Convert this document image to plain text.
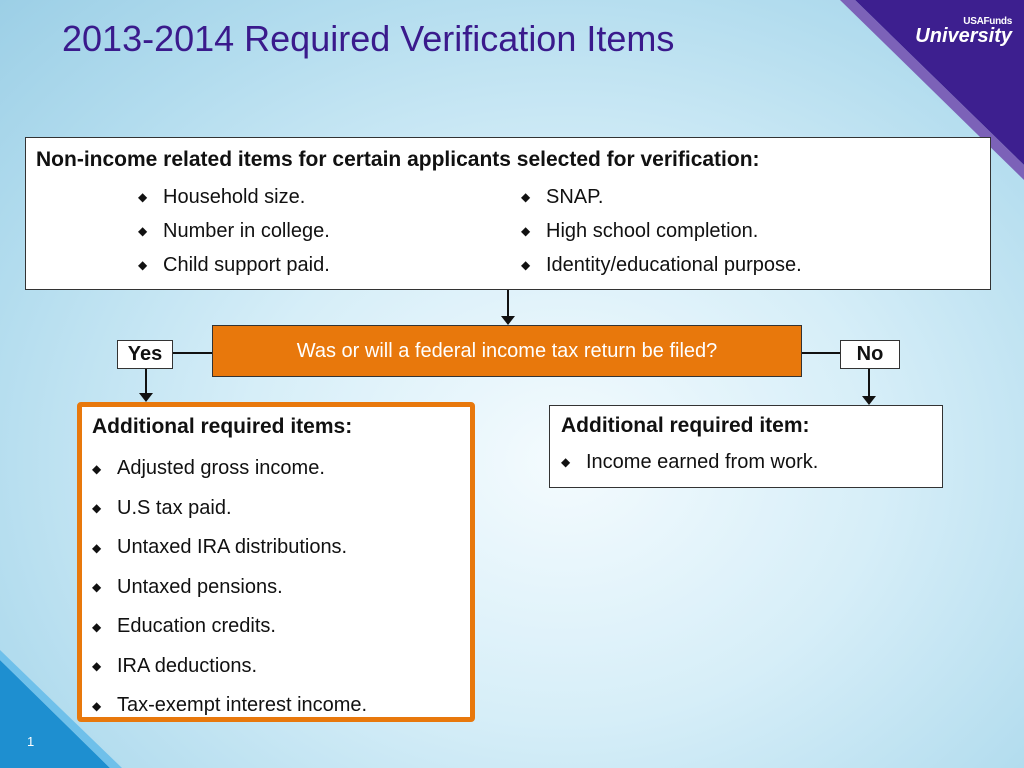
2013-2014 Required Verification Items	USAFunds
University
Non-income related items for certain applicants selected for verification:
◆ Household size.
◆ Number in college.
◆ Child support paid.
◆ SNAP.
◆ High school completion.
◆ Identity/educational purpose.
Was or will a federal income tax return be filed?
Yes	No
Additional required items:
◆ Adjusted gross income.
◆ U.S tax paid.
◆ Untaxed IRA distributions.
◆ Untaxed pensions.
◆ Education credits.
◆ IRA deductions.
◆ Tax-exempt interest income.
Additional required item:
◆ Income earned from work.
1
